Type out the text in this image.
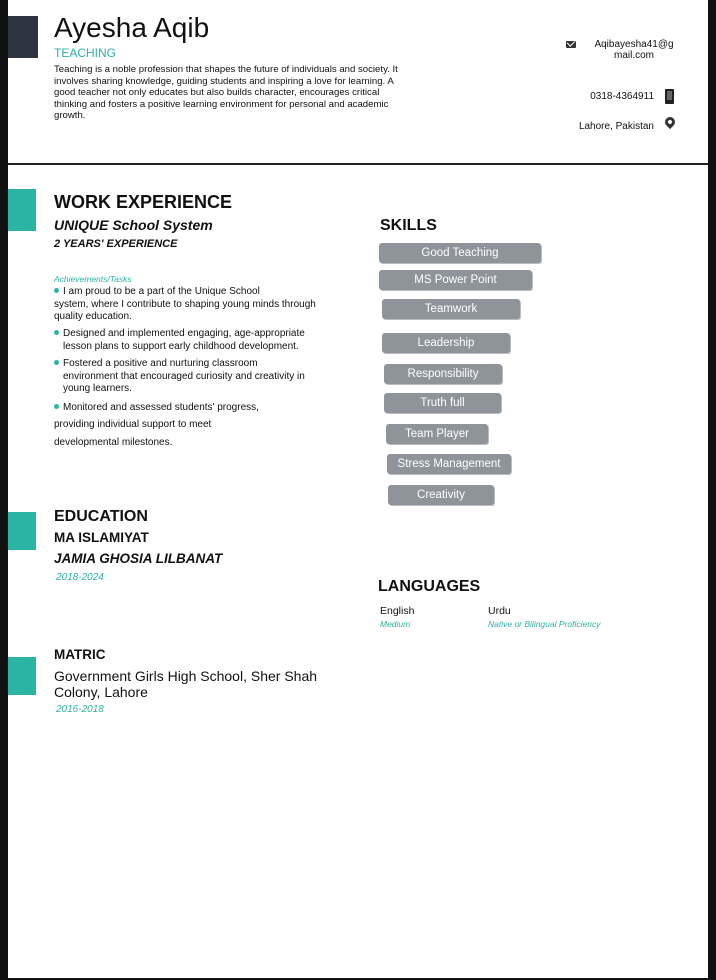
Ayesha Aqib
TEACHING
Teaching is a noble profession that shapes the future of individuals and society. It involves sharing knowledge, guiding students and inspiring a love for learning. A good teacher not only educates but also builds character, encourages critical thinking and fosters a positive learning environment for personal and academic growth.
Aqibayesha41@g
mail.com
0318-4364911
Lahore, Pakistan
WORK EXPERIENCE
UNIQUE School System
2 YEARS' EXPERIENCE
Achievements/Tasks
I am proud to be a part of the Unique School
system, where I contribute to shaping young minds through
quality education.
Designed and implemented engaging, age-appropriate
lesson plans to support early childhood development.
Fostered a positive and nurturing classroom
environment that encouraged curiosity and creativity in
young learners.
Monitored and assessed students' progress,
providing individual support to meet
developmental milestones.
SKILLS
Good Teaching
MS Power Point
Teamwork
Leadership
Responsibility
Truth full
Team Player
Stress Management
Creativity
EDUCATION
MA ISLAMIYAT
JAMIA GHOSIA LILBANAT
2018-2024
MATRIC
Government Girls High School, Sher Shah
Colony, Lahore
2016-2018
LANGUAGES
English
Medium
Urdu
Native or Bilingual Proficiency
